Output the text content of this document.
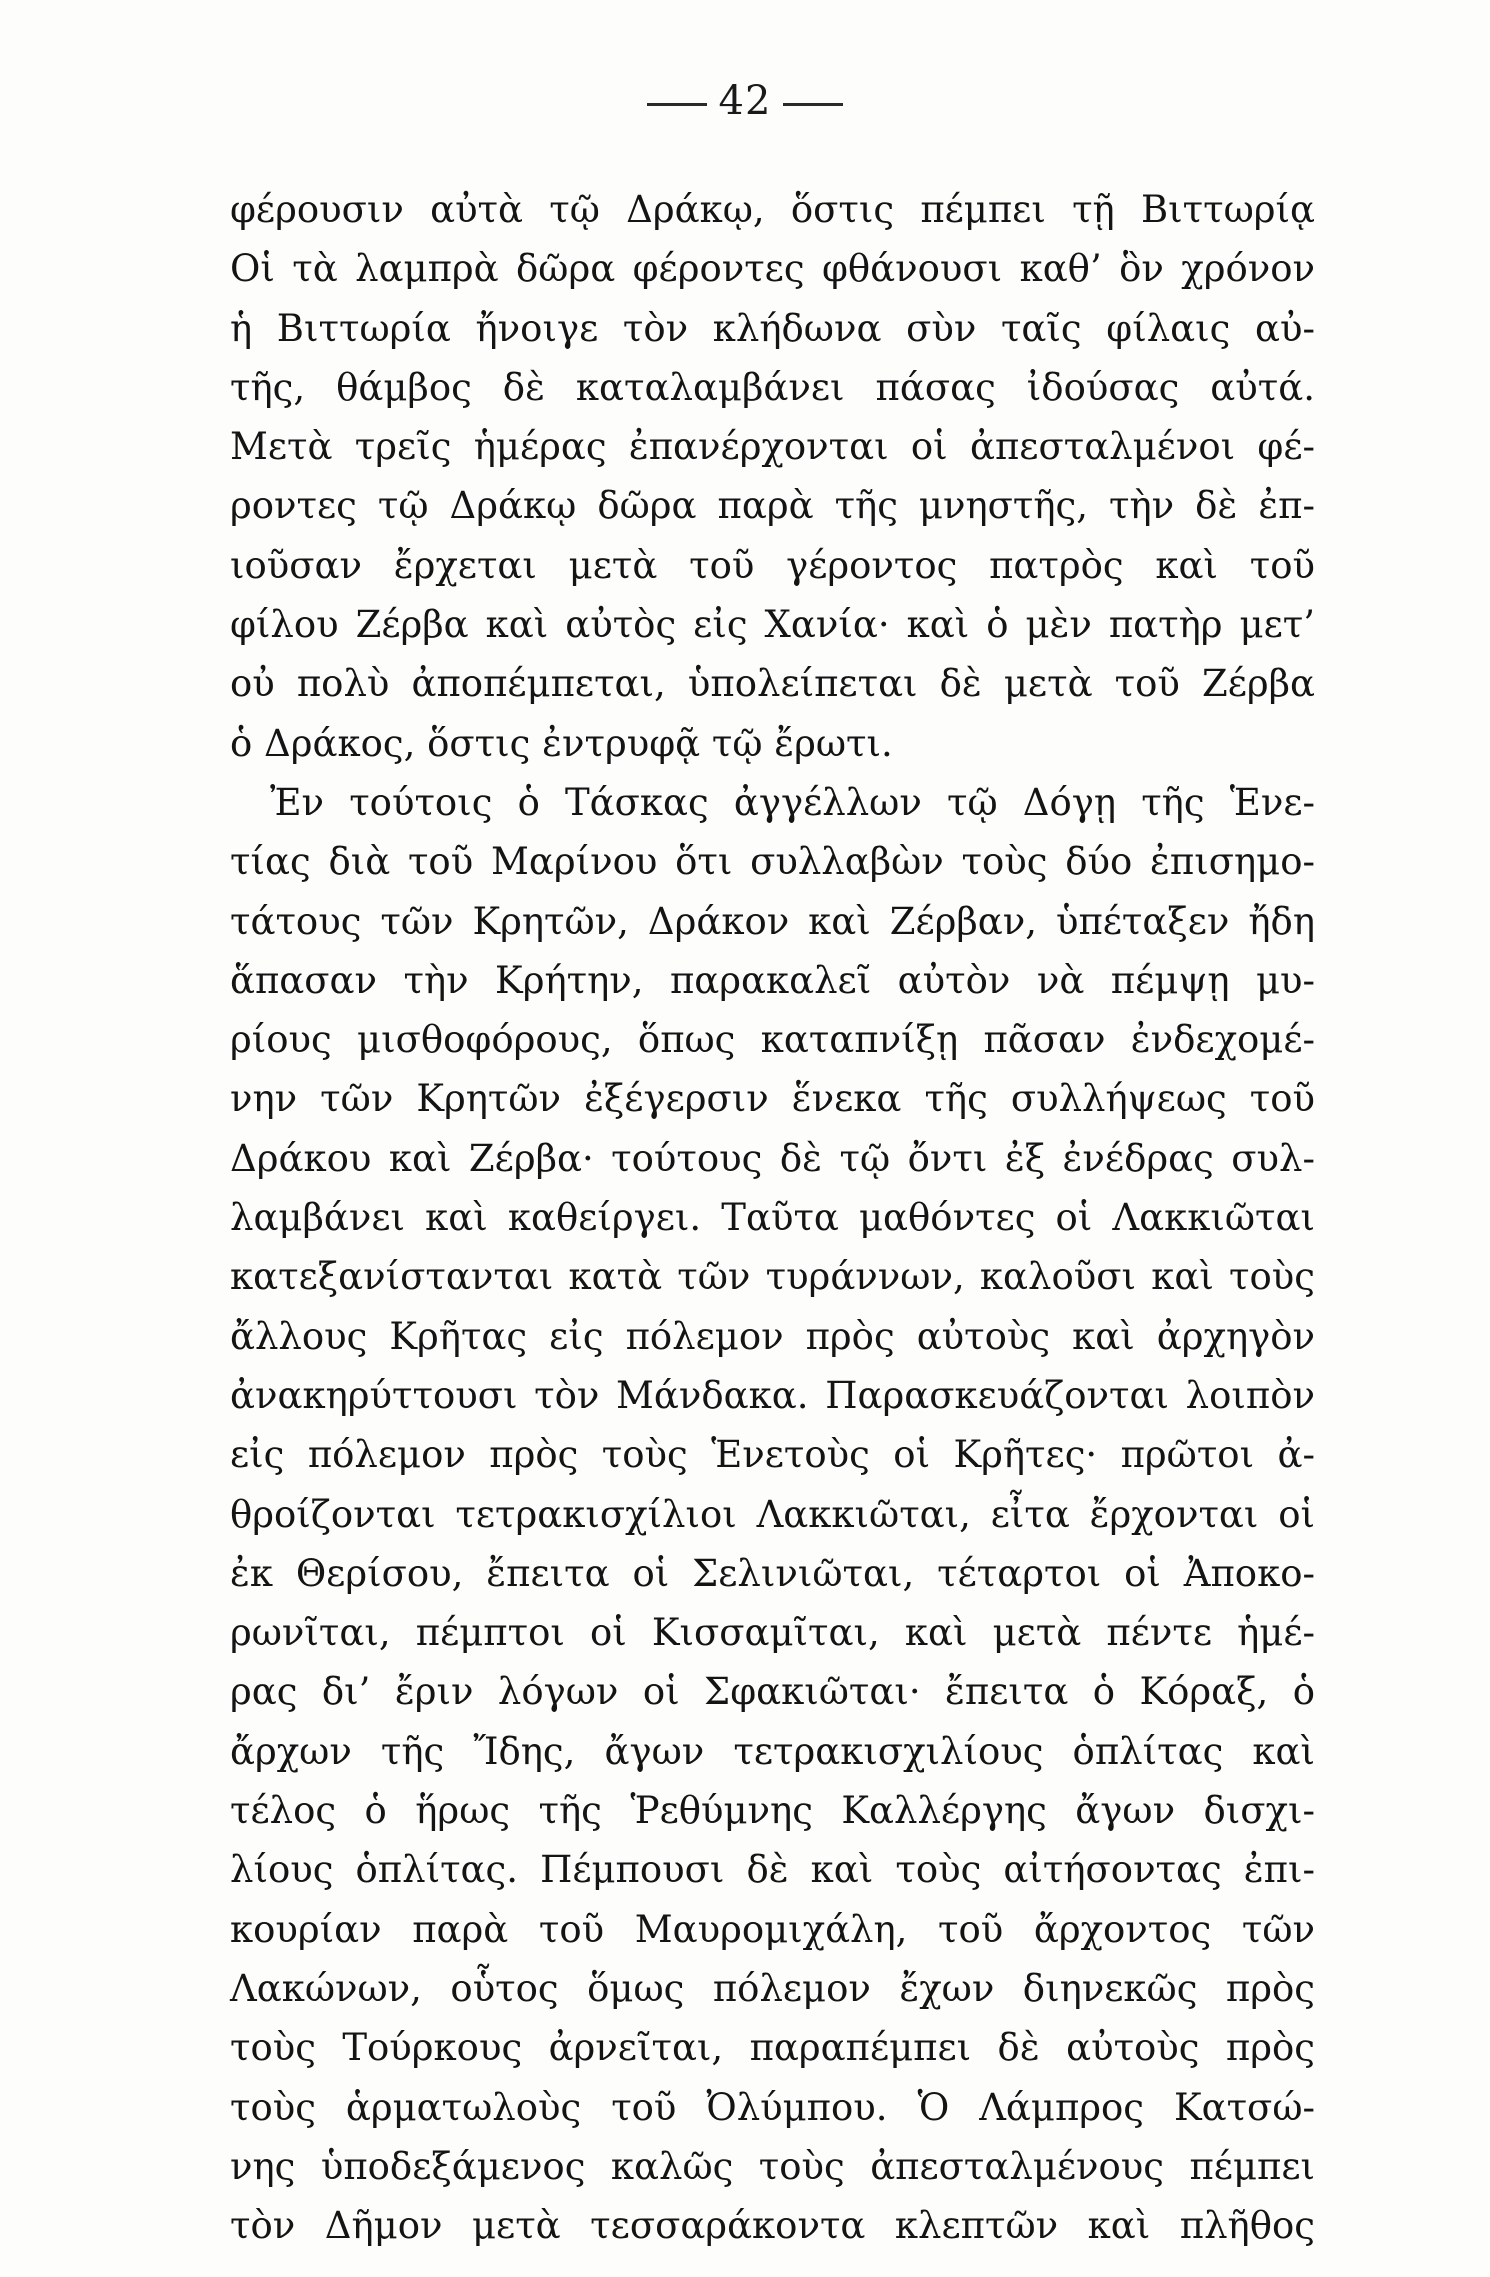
42
φέρουσιν αὐτὰ τῷ Δράκῳ, ὅστις πέμπει τῇ Βιττωρίᾳ
Οἱ τὰ λαμπρὰ δῶρα φέροντες φθάνουσι καθ’ ὃν χρόνον
ἡ Βιττωρία ἤνοιγε τὸν κλήδωνα σὺν ταῖς φίλαις αὐ-
τῆς, θάμβος δὲ καταλαμβάνει πάσας ἰδούσας αὐτά.
Μετὰ τρεῖς ἡμέρας ἐπανέρχονται οἱ ἀπεσταλμένοι φέ-
ροντες τῷ Δράκῳ δῶρα παρὰ τῆς μνηστῆς, τὴν δὲ ἐπ-
ιοῦσαν ἔρχεται μετὰ τοῦ γέροντος πατρὸς καὶ τοῦ
φίλου Ζέρβα καὶ αὐτὸς εἰς Χανία· καὶ ὁ μὲν πατὴρ μετ’
οὐ πολὺ ἀποπέμπεται, ὑπολείπεται δὲ μετὰ τοῦ Ζέρβα
ὁ Δράκος, ὅστις ἐντρυφᾷ τῷ ἔρωτι.
Ἐν τούτοις ὁ Τάσκας ἀγγέλλων τῷ Δόγῃ τῆς Ἑνε-
τίας διὰ τοῦ Μαρίνου ὅτι συλλαβὼν τοὺς δύο ἐπισημο-
τάτους τῶν Κρητῶν, Δράκον καὶ Ζέρβαν, ὑπέταξεν ἤδη
ἅπασαν τὴν Κρήτην, παρακαλεῖ αὐτὸν νὰ πέμψῃ μυ-
ρίους μισθοφόρους, ὅπως καταπνίξῃ πᾶσαν ἐνδεχομέ-
νην τῶν Κρητῶν ἐξέγερσιν ἕνεκα τῆς συλλήψεως τοῦ
Δράκου καὶ Ζέρβα· τούτους δὲ τῷ ὄντι ἐξ ἐνέδρας συλ-
λαμβάνει καὶ καθείργει. Ταῦτα μαθόντες οἱ Λακκιῶται
κατεξανίστανται κατὰ τῶν τυράννων, καλοῦσι καὶ τοὺς
ἄλλους Κρῆτας εἰς πόλεμον πρὸς αὐτοὺς καὶ ἀρχηγὸν
ἀνακηρύττουσι τὸν Μάνδακα. Παρασκευάζονται λοιπὸν
εἰς πόλεμον πρὸς τοὺς Ἑνετοὺς οἱ Κρῆτες· πρῶτοι ἀ-
θροίζονται τετρακισχίλιοι Λακκιῶται, εἶτα ἔρχονται οἱ
ἐκ Θερίσου, ἔπειτα οἱ Σελινιῶται, τέταρτοι οἱ Ἀποκο-
ρωνῖται, πέμπτοι οἱ Κισσαμῖται, καὶ μετὰ πέντε ἡμέ-
ρας δι’ ἔριν λόγων οἱ Σφακιῶται· ἔπειτα ὁ Κόραξ, ὁ
ἄρχων τῆς Ἴδης, ἄγων τετρακισχιλίους ὁπλίτας καὶ
τέλος ὁ ἥρως τῆς Ῥεθύμνης Καλλέργης ἄγων δισχι-
λίους ὁπλίτας. Πέμπουσι δὲ καὶ τοὺς αἰτήσοντας ἐπι-
κουρίαν παρὰ τοῦ Μαυρομιχάλη, τοῦ ἄρχοντος τῶν
Λακώνων, οὗτος ὅμως πόλεμον ἔχων διηνεκῶς πρὸς
τοὺς Τούρκους ἀρνεῖται, παραπέμπει δὲ αὐτοὺς πρὸς
τοὺς ἁρματωλοὺς τοῦ Ὀλύμπου. Ὁ Λάμπρος Κατσώ-
νης ὑποδεξάμενος καλῶς τοὺς ἀπεσταλμένους πέμπει
τὸν Δῆμον μετὰ τεσσαράκοντα κλεπτῶν καὶ πλῆθος
